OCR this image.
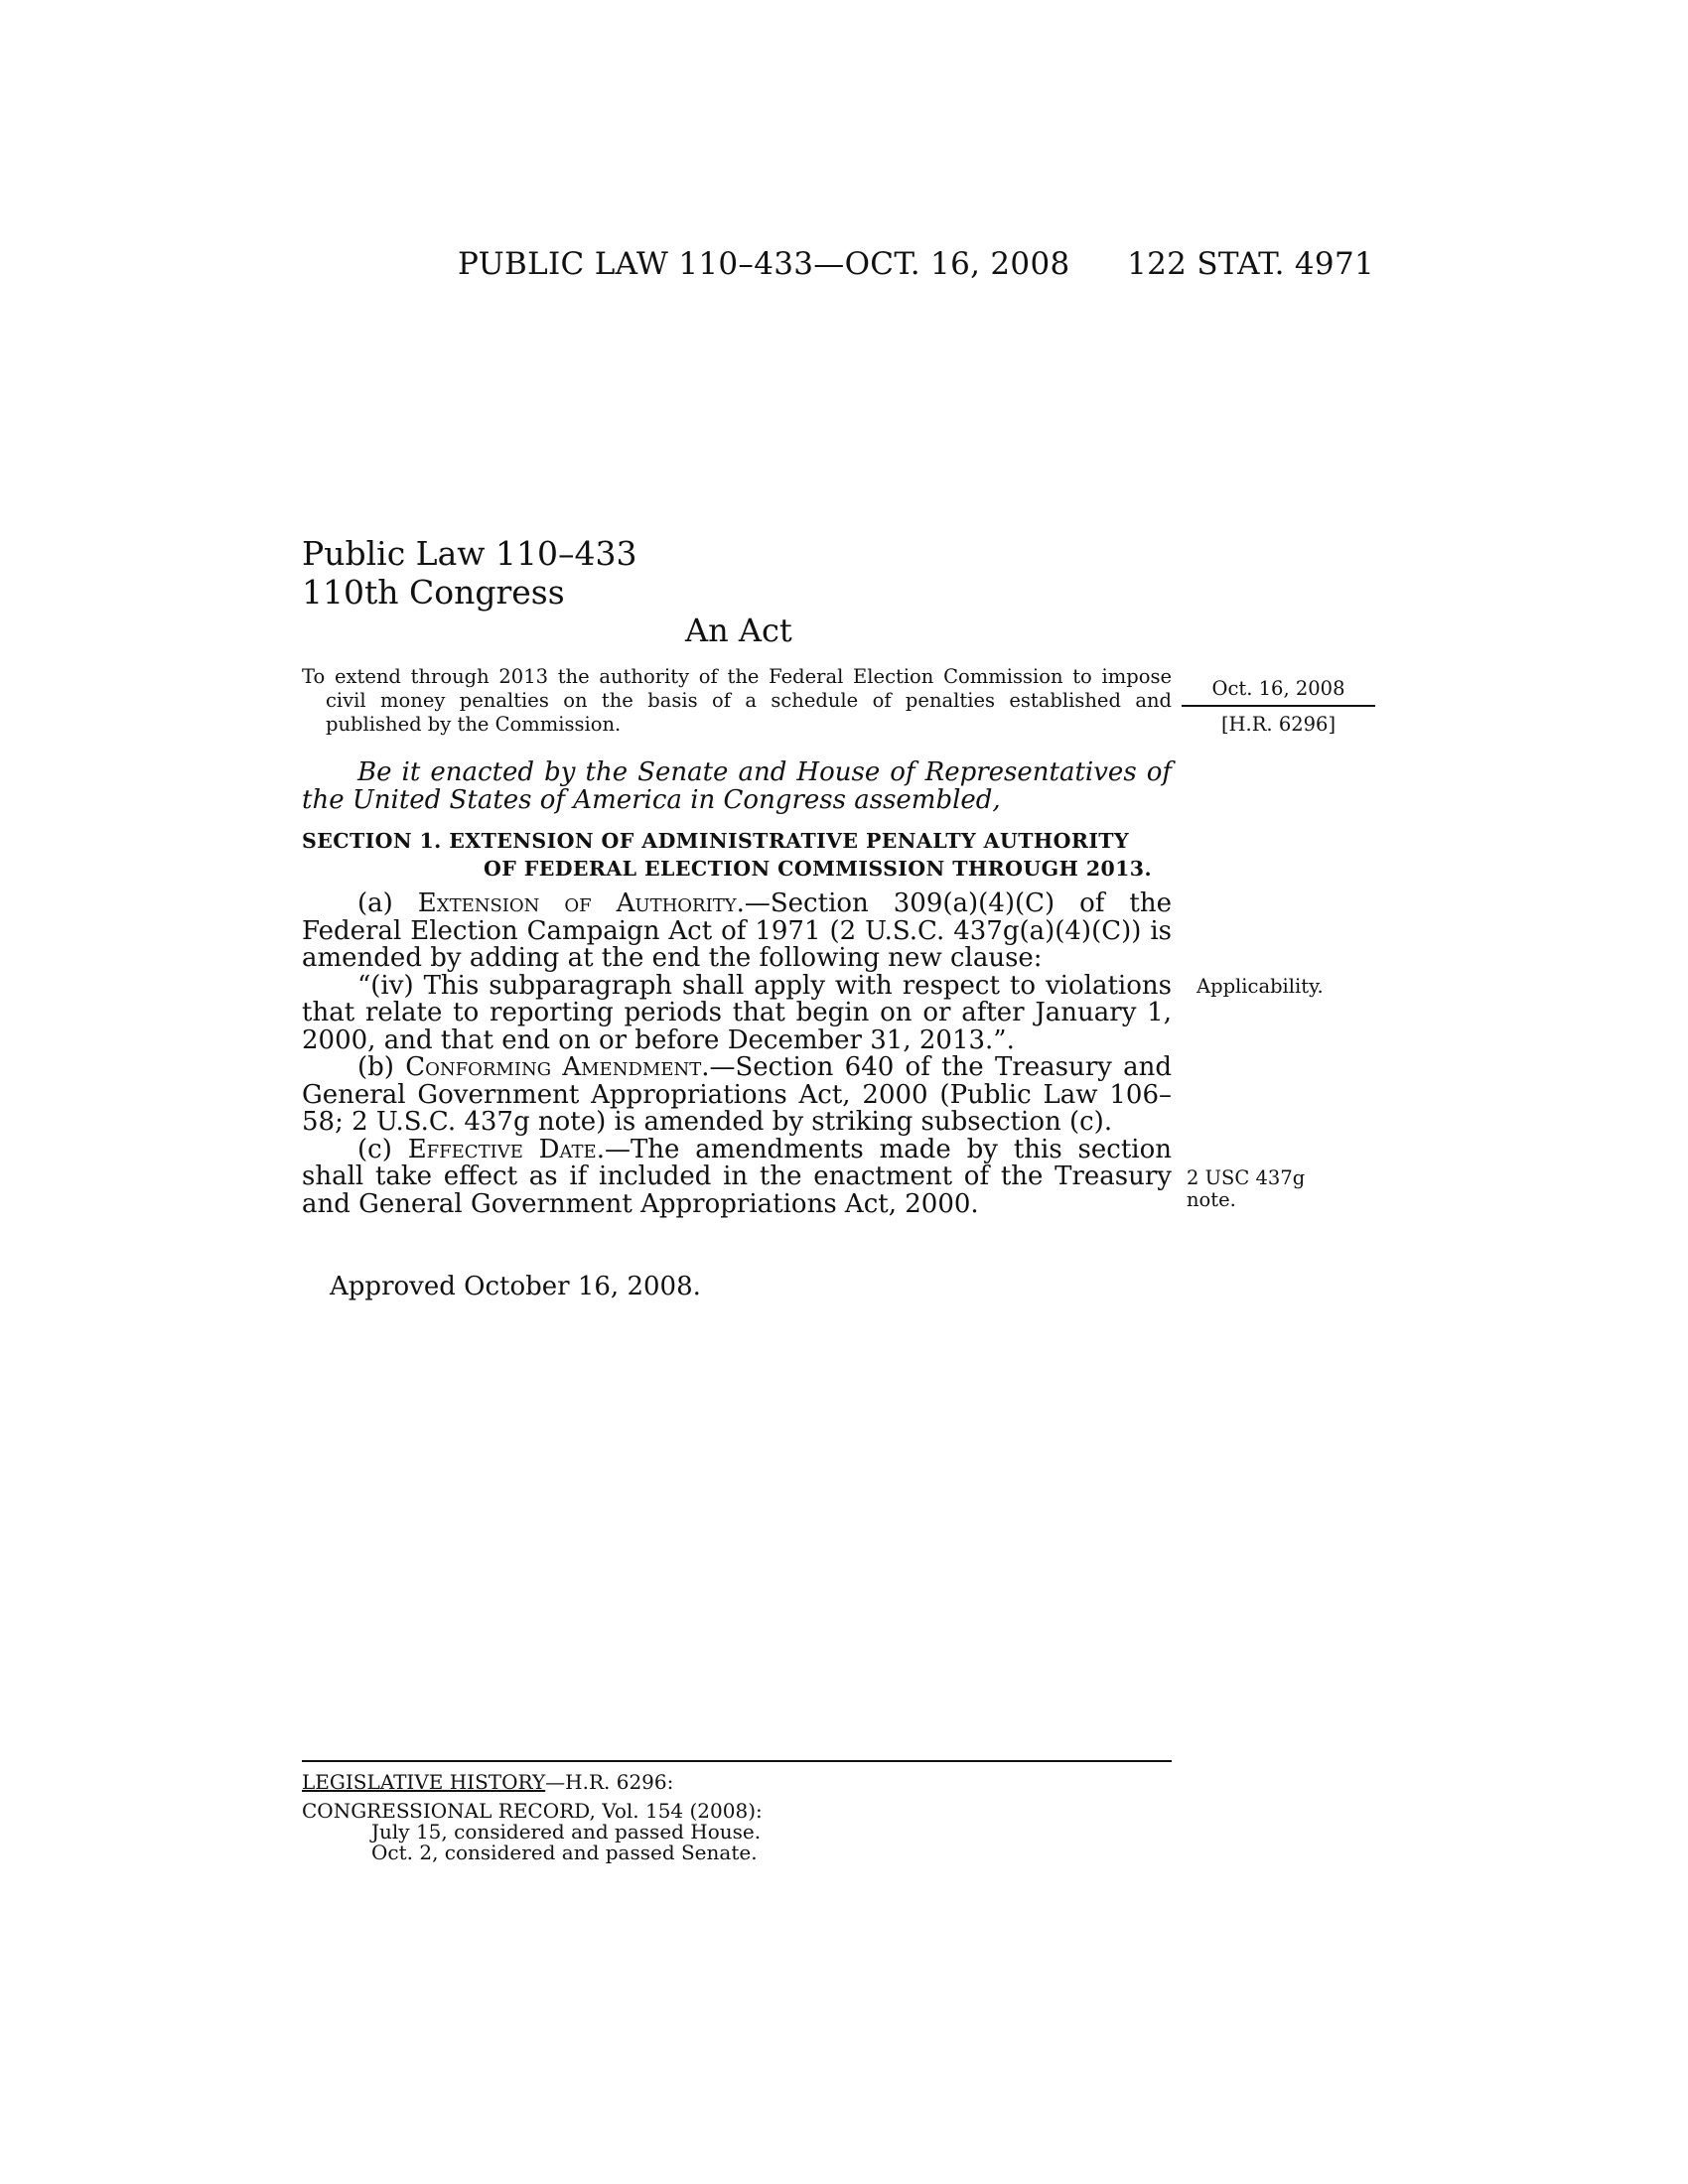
PUBLIC LAW 110–433—OCT. 16, 2008 122 STAT. 4971
Public Law 110–433
110th Congress
An Act
To extend through 2013 the authority of the Federal Election Commission to impose civil money penalties on the basis of a schedule of penalties established and published by the Commission.
Oct. 16, 2008
[H.R. 6296]
Be it enacted by the Senate and House of Representatives of the United States of America in Congress assembled,
SECTION 1. EXTENSION OF ADMINISTRATIVE PENALTY AUTHORITY
OF FEDERAL ELECTION COMMISSION THROUGH 2013.

(a) Extension of Authority.—Section 309(a)(4)(C) of the Federal Election Campaign Act of 1971 (2 U.S.C. 437g(a)(4)(C)) is amended by adding at the end the following new clause:

“(iv) This subparagraph shall apply with respect to violations that relate to reporting periods that begin on or after January 1, 2000, and that end on or before December 31, 2013.”.

(b) Conforming Amendment.—Section 640 of the Treasury and General Government Appropriations Act, 2000 (Public Law 106–58; 2 U.S.C. 437g note) is amended by striking subsection (c).

(c) Effective Date.—The amendments made by this section shall take effect as if included in the enactment of the Treasury and General Government Appropriations Act, 2000.

Applicability.
2 USC 437g
note.
Approved October 16, 2008.
LEGISLATIVE HISTORY—H.R. 6296:
CONGRESSIONAL RECORD, Vol. 154 (2008):
July 15, considered and passed House.
Oct. 2, considered and passed Senate.
